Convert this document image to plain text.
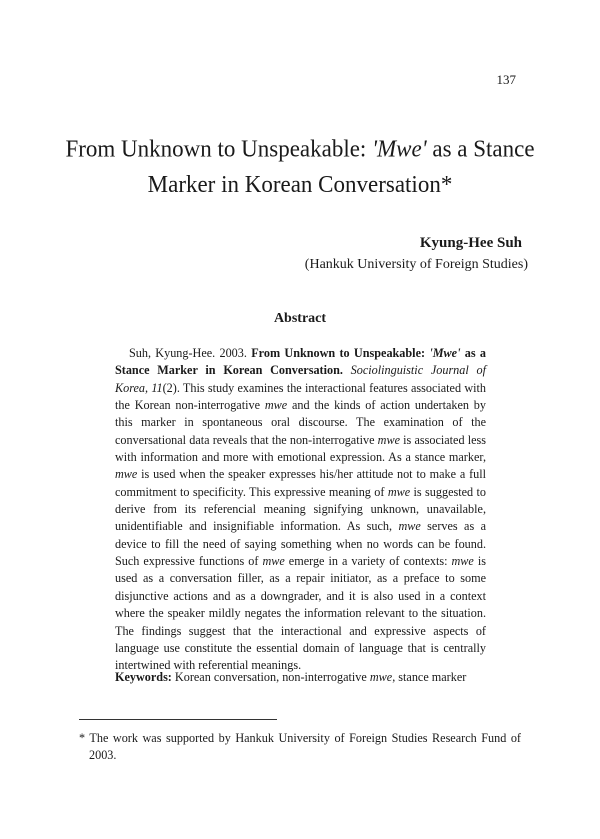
137
From Unknown to Unspeakable: 'Mwe' as a Stance
Marker in Korean Conversation*
Kyung-Hee Suh
(Hankuk University of Foreign Studies)
Abstract

Suh, Kyung-Hee. 2003. From Unknown to Unspeakable: 'Mwe' as a Stance Marker in Korean Conversation. Sociolinguistic Journal of Korea, 11(2). This study examines the interactional features associated with the Korean non-interrogative mwe and the kinds of action undertaken by this marker in spontaneous oral discourse. The examination of the conversational data reveals that the non-interrogative mwe is associated less with information and more with emotional expression. As a stance marker, mwe is used when the speaker expresses his/her attitude not to make a full commitment to specificity. This expressive meaning of mwe is suggested to derive from its referencial meaning signifying unknown, unavailable, unidentifiable and insignifiable information. As such, mwe serves as a device to fill the need of saying something when no words can be found. Such expressive functions of mwe emerge in a variety of contexts: mwe is used as a conversation filler, as a repair initiator, as a preface to some disjunctive actions and as a downgrader, and it is also used in a context where the speaker mildly negates the information relevant to the situation. The findings suggest that the interactional and expressive aspects of language use constitute the essential domain of language that is centrally intertwined with referential meanings.

Keywords: Korean conversation, non-interrogative mwe, stance marker

* The work was supported by Hankuk University of Foreign Studies Research Fund of 2003.
